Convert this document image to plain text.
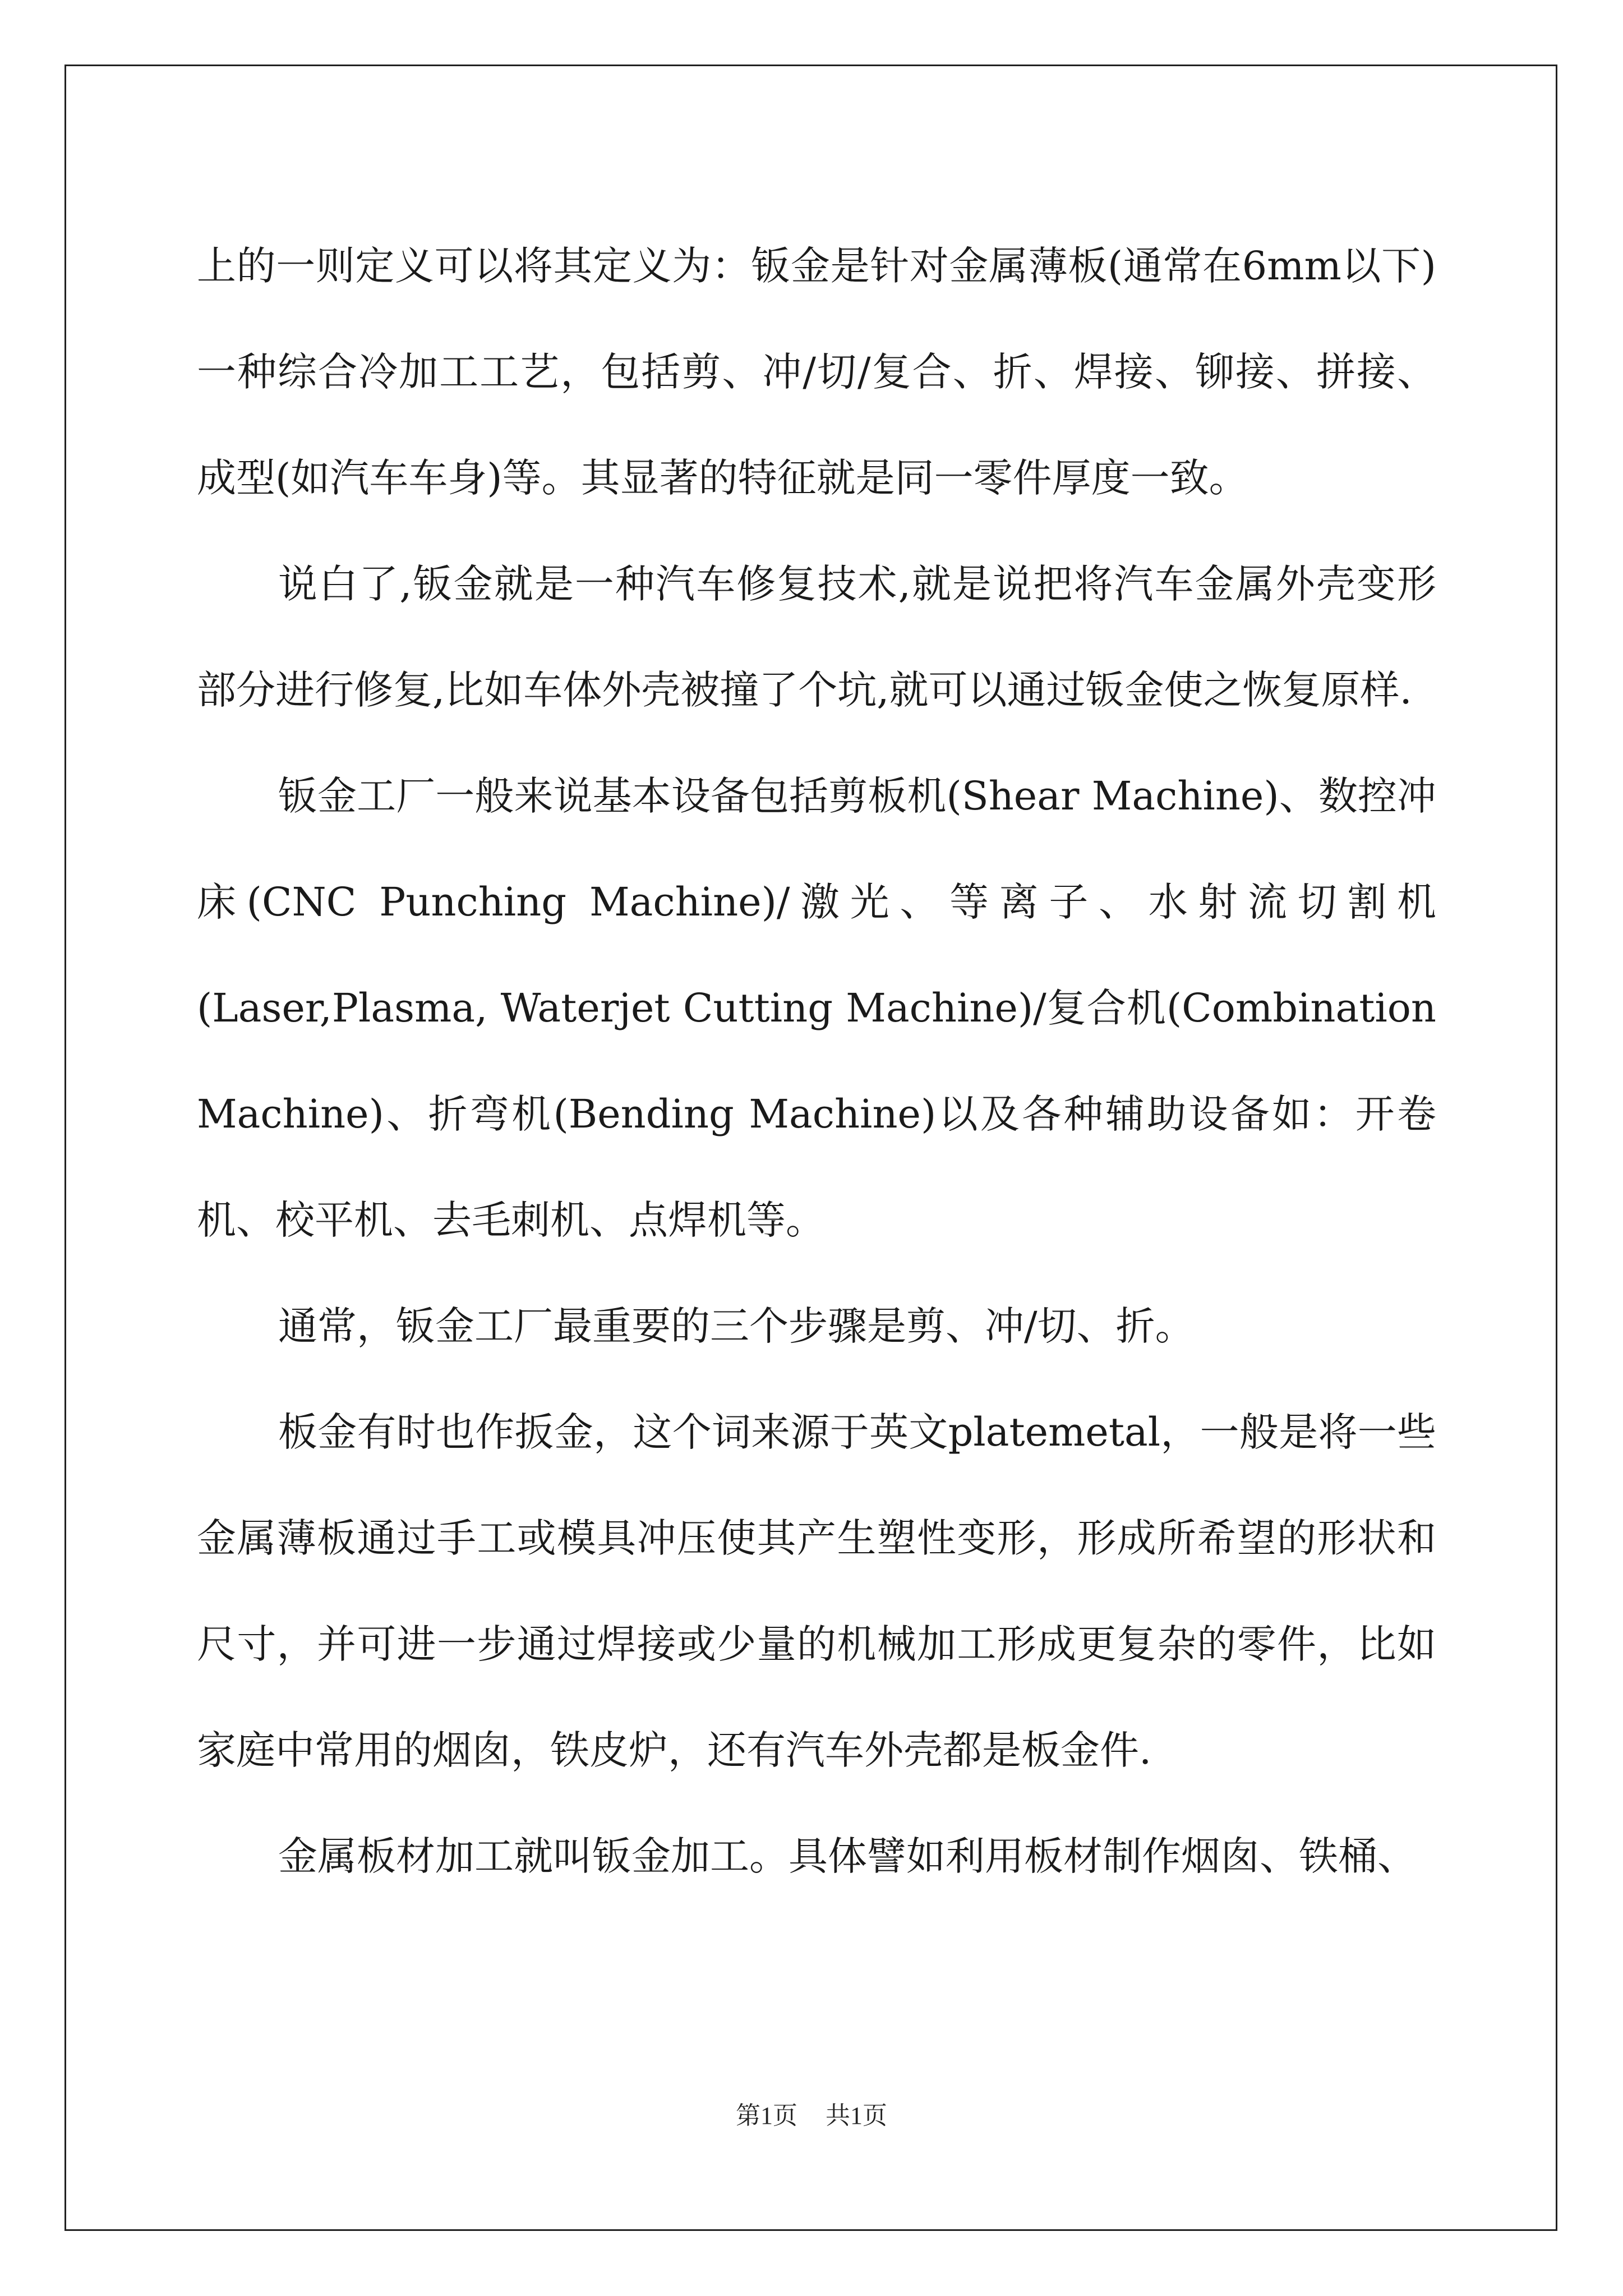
上的一则定义可以将其定义为：钣金是针对金属薄板(通常在6mm以下)一种综合冷加工工艺，包括剪、冲/切/复合、折、焊接、铆接、拼接、成型(如汽车车身)等。其显著的特征就是同一零件厚度一致。

说白了,钣金就是一种汽车修复技术,就是说把将汽车金属外壳变形部分进行修复,比如车体外壳被撞了个坑,就可以通过钣金使之恢复原样.

钣金工厂一般来说基本设备包括剪板机(Shear Machine)、数控冲床(CNC Punching Machine)/激光、等离子、水射流切割机(Laser,Plasma, Waterjet Cutting Machine)/复合机(Combination Machine)、折弯机(Bending Machine)以及各种辅助设备如：开卷机、校平机、去毛刺机、点焊机等。

通常，钣金工厂最重要的三个步骤是剪、冲/切、折。

板金有时也作扳金，这个词来源于英文platemetal，一般是将一些金属薄板通过手工或模具冲压使其产生塑性变形，形成所希望的形状和尺寸，并可进一步通过焊接或少量的机械加工形成更复杂的零件，比如家庭中常用的烟囱，铁皮炉，还有汽车外壳都是板金件.

金属板材加工就叫钣金加工。具体譬如利用板材制作烟囱、铁桶、

第1页 共1页
